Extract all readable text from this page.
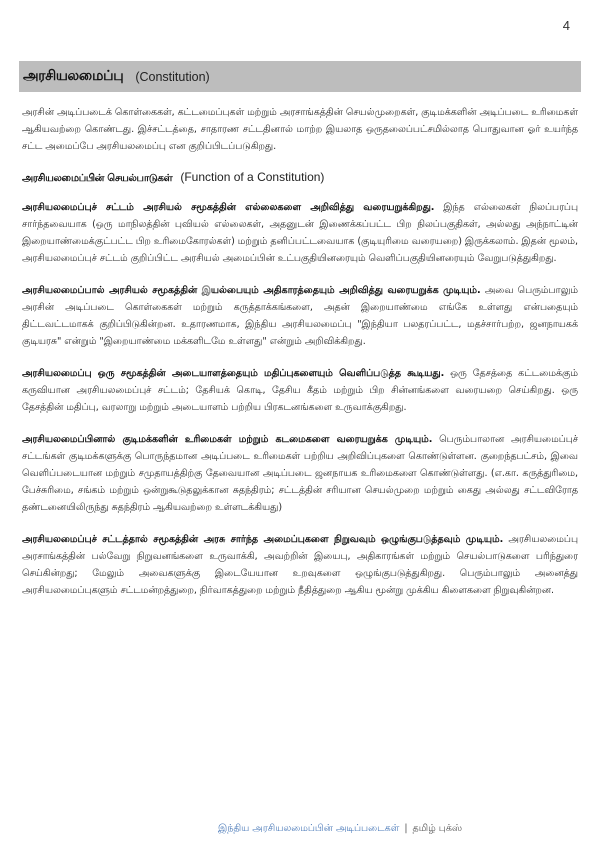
4
அரசியலமைப்பு (Constitution)

அரசின் அடிப்படைக் கொள்கைகள், கட்டமைப்புகள் மற்றும் அரசாங்கத்தின் செயல்முறைகள், குடிமக்களின் அடிப்படை உரிமைகள் ஆகியவற்றை கொண்டது. இச்சட்டத்தை, சாதாரண சட்டதினால் மாற்ற இயலாத ஒருதலைப்பட்சமில்லாத பொதுவான ஓர் உயர்ந்த சட்ட அமைப்பே அரசியலமைப்பு என குறிப்பிடப்படுகிறது.

அரசியலமைப்பின் செயல்பாடுகள் (Function of a Constitution)

அரசியலமைப்புச் சட்டம் அரசியல் சமூகத்தின் எல்லைகளை அறிவித்து வரையறுக்கிறது. இந்த எல்லைகள் நிலப்பரப்பு சார்ந்தவையாக (ஒரு மாநிலத்தின் புவியல் எல்லைகள், அதனுடன் இணைக்கப்பட்ட பிற நிலப்பகுதிகள், அல்லது அந்நாட்டின் இறையாண்மைக்குட்பட்ட பிற உரிமைகோரல்கள்) மற்றும் தனிப்பட்டவையாக (குடியுரிமை வரையறை) இருக்கலாம். இதன் மூலம், அரசியலமைப்புச் சட்டம் குறிப்பிட்ட அரசியல் அமைப்பின் உட்பகுதியினரையும் வெளிப்பகுதியினரையும் வேறுபடுத்துகிறது.

அரசியலமைப்பால் அரசியல் சமூகத்தின் இயல்பையும் அதிகாரத்தையும் அறிவித்து வரையறுக்க முடியும். அவை பெரும்பாலும் அரசின் அடிப்படை கொள்கைகள் மற்றும் கருத்தாக்கங்களை, அதன் இறையாண்மை எங்கே உள்ளது என்பதையும் திட்டவட்டமாகக் குறிப்பிடுகின்றன. உதாரணமாக, இந்திய அரசியலமைப்பு "இந்தியா பலதரப்பட்ட, மதச்சார்பற்ற, ஜனநாயகக் குடியரசு" என்றும் "இறையாண்மை மக்களிடமே உள்ளது" என்றும் அறிவிக்கிறது.

அரசியலமைப்பு ஒரு சமூகத்தின் அடையாளத்தையும் மதிப்புகளையும் வெளிப்படுத்த கூடியது. ஒரு தேசத்தை கட்டமைக்கும் கருவியான அரசியலமைப்புச் சட்டம்; தேசியக் கொடி, தேசிய கீதம் மற்றும் பிற சின்னங்களை வரையறை செய்கிறது. ஒரு தேசத்தின் மதிப்பு, வரலாறு மற்றும் அடையாளம் பற்றிய பிரகடனங்களை உருவாக்குகிறது.

அரசியலமைப்பினால் குடிமக்களின் உரிமைகள் மற்றும் கடமைகளை வரையறுக்க முடியும். பெரும்பாலான அரசியமைப்புச் சட்டங்கள் குடிமக்களுக்கு பொருந்தமான அடிப்படை உரிமைகள் பற்றிய அறிவிப்புகளை கொண்டுள்ளன. குறைந்தபட்சம், இவை வெளிப்படையான மற்றும் சமுதாயத்திற்கு தேவையான அடிப்படை ஜனநாயக உரிமைகளை கொண்டுள்ளது. (எ.கா. கருத்துரிமை, பேச்சுரிமை, சங்கம் மற்றும் ஒன்றுகூடுதலுக்கான சுதந்திரம்; சட்டத்தின் சரியான செயல்முறை மற்றும் கைது அல்லது சட்டவிரோத தண்டனையிலிருந்து சுதந்திரம் ஆகியவற்றை உள்ளடக்கியது)

அரசியலமைப்புச் சட்டத்தால் சமூகத்தின் அரசு சார்ந்த அமைப்புகளை நிறுவவும் ஒழுங்குபடுத்தவும் முடியும். அரசியலமைப்பு அரசாங்கத்தின் பல்வேறு நிறுவனங்களை உருவாக்கி, அவற்றின் இயைபு, அதிகாரங்கள் மற்றும் செயல்பாடுகளை பரிந்துரை செய்கின்றது; மேலும் அவைகளுக்கு இடையேயான உறவுகளை ஒழுங்குபடுத்துகிறது. பெரும்பாலும் அனைத்து அரசியலமைப்புகளும் சட்டமன்றத்துறை, நிர்வாகத்துறை மற்றும் நீதித்துறை ஆகிய மூன்று முக்கிய கிளைகளை நிறுவுகின்றன.

இந்திய அரசியலமைப்பின் அடிப்படைகள் | தமிழ் புக்ஸ்
